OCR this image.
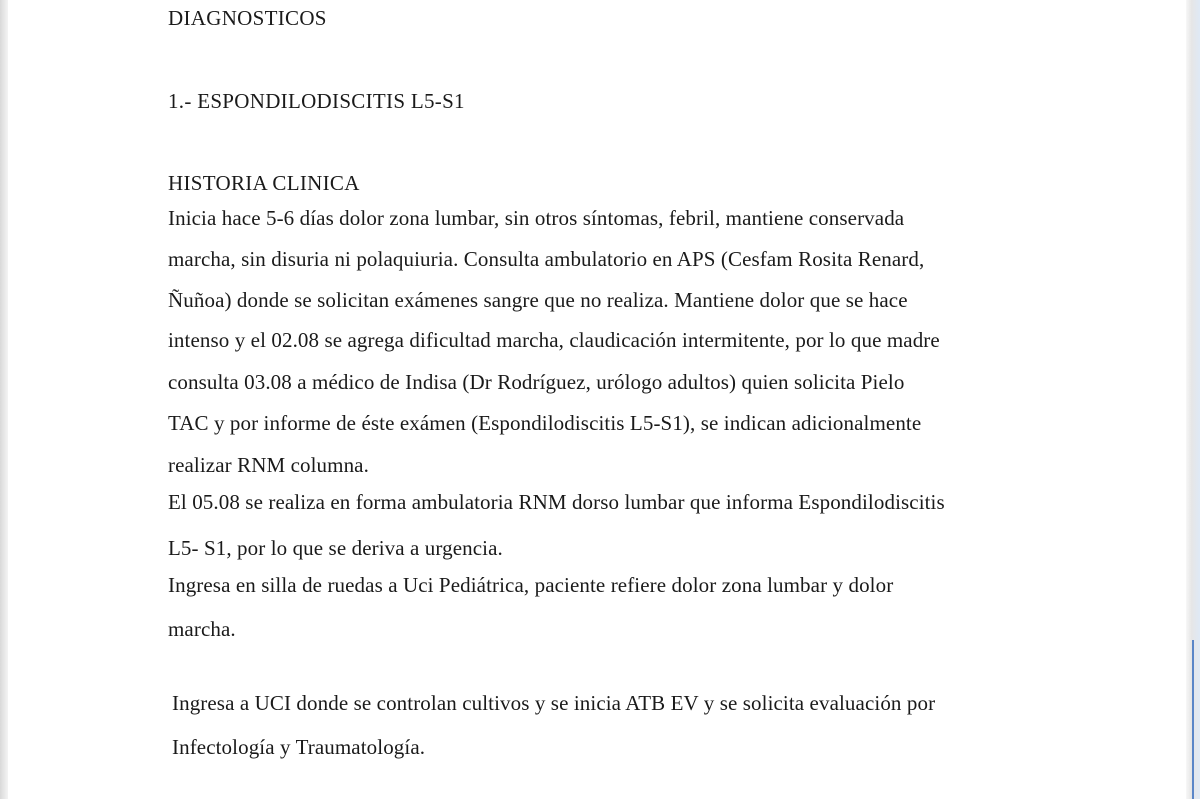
DIAGNOSTICOS
1.- ESPONDILODISCITIS L5-S1
HISTORIA CLINICA
Inicia hace 5-6 días dolor zona lumbar, sin otros síntomas, febril, mantiene conservada
marcha, sin disuria ni polaquiuria. Consulta ambulatorio en APS (Cesfam Rosita Renard,
Ñuñoa) donde se solicitan exámenes sangre que no realiza. Mantiene dolor que se hace
intenso y el 02.08 se agrega dificultad marcha, claudicación intermitente, por lo que madre
consulta 03.08 a médico de Indisa (Dr Rodríguez, urólogo adultos) quien solicita Pielo
TAC y por informe de éste exámen (Espondilodiscitis L5-S1), se indican adicionalmente
realizar RNM columna.
El 05.08 se realiza en forma ambulatoria RNM dorso lumbar que informa Espondilodiscitis
L5- S1, por lo que se deriva a urgencia.
Ingresa en silla de ruedas a Uci Pediátrica, paciente refiere dolor zona lumbar y dolor
marcha.
Ingresa a UCI donde se controlan cultivos y se inicia ATB EV y se solicita evaluación por
Infectología y Traumatología.
